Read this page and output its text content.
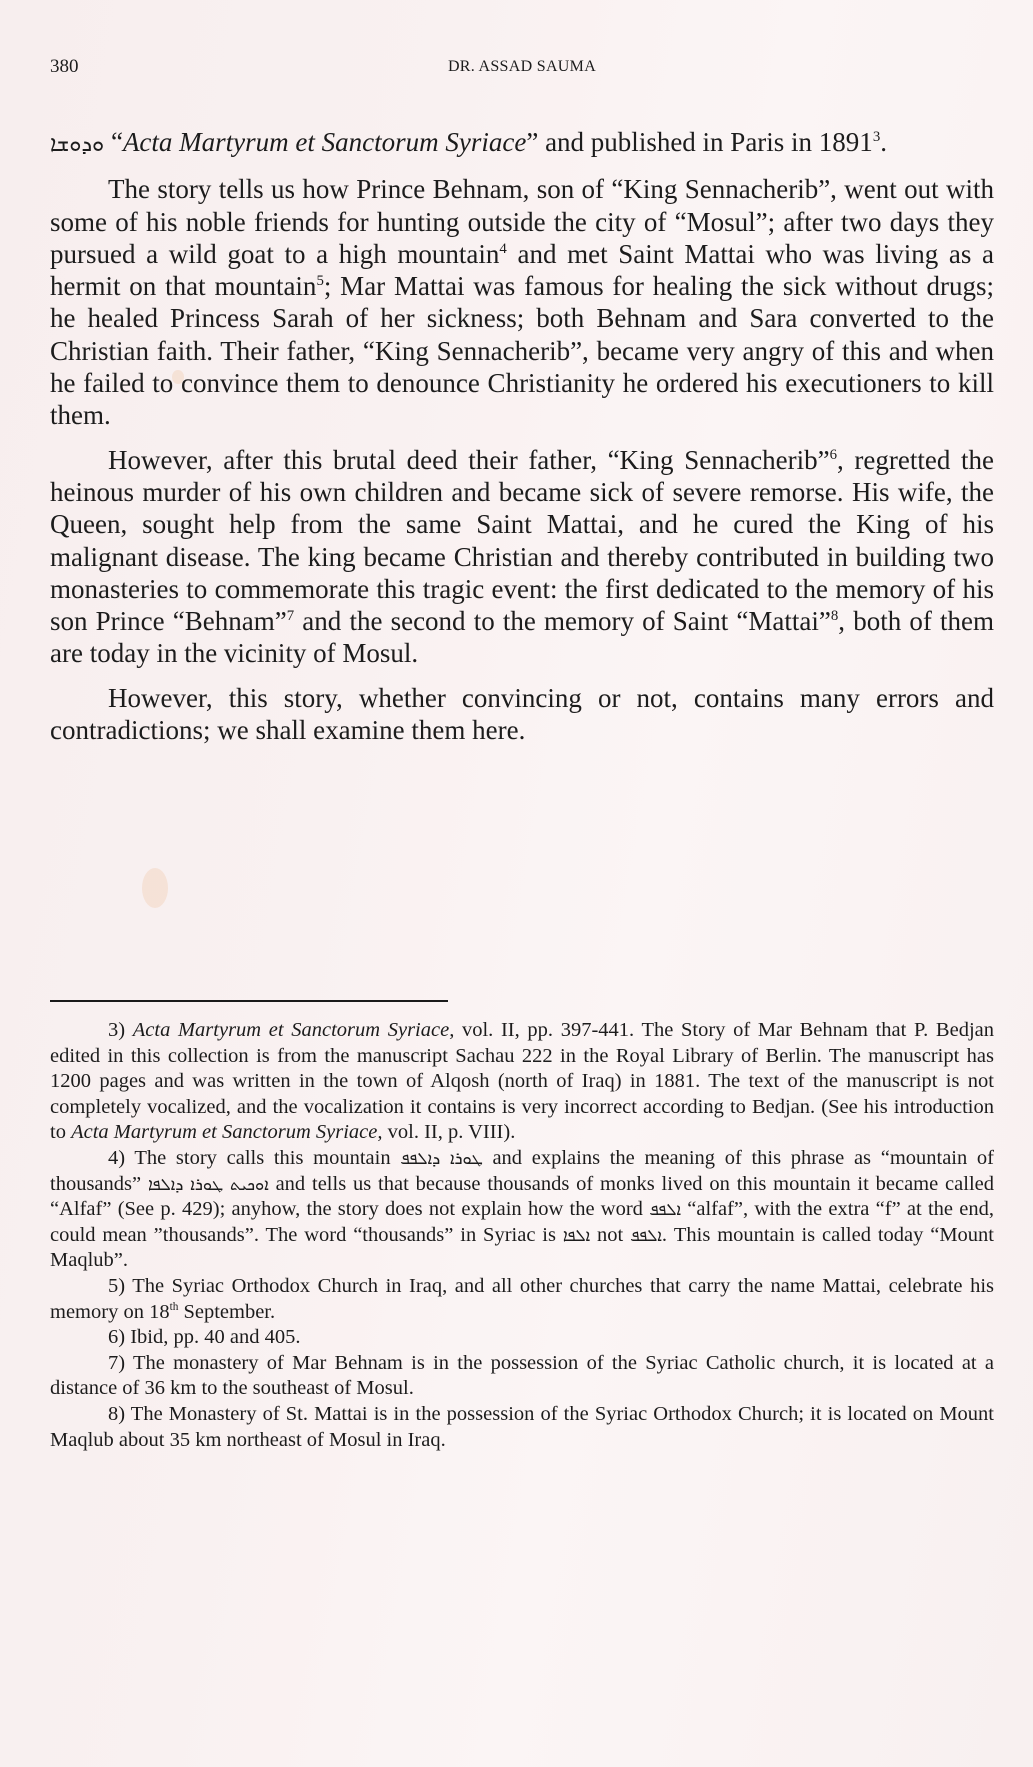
380	DR. ASSAD SAUMA

ܘܕܘܫܐ “Acta Martyrum et Sanctorum Syriace” and published in Paris in 1891$^3$.

The story tells us how Prince Behnam, son of “King Sennacherib”, went out with some of his noble friends for hunting outside the city of “Mosul”; after two days they pursued a wild goat to a high mountain$^4$ and met Saint Mattai who was living as a hermit on that mountain$^5$; Mar Mattai was famous for healing the sick without drugs; he healed Princess Sarah of her sickness; both Behnam and Sara converted to the Christian faith. Their father, “King Sennacherib”, became very angry of this and when he failed to convince them to denounce Christianity he ordered his executioners to kill them.

However, after this brutal deed their father, “King Sennacherib”$^6$, regretted the heinous murder of his own children and became sick of severe remorse. His wife, the Queen, sought help from the same Saint Mattai, and he cured the King of his malignant disease. The king became Christian and thereby contributed in building two monasteries to commemorate this tragic event: the first dedicated to the memory of his son Prince “Behnam”$^7$ and the second to the memory of Saint “Mattai”$^8$, both of them are today in the vicinity of Mosul.

However, this story, whether convincing or not, contains many errors and contradictions; we shall examine them here.

3) Acta Martyrum et Sanctorum Syriace, vol. II, pp. 397-441. The Story of Mar Behnam that P. Bedjan edited in this collection is from the manuscript Sachau 222 in the Royal Library of Berlin. The manuscript has 1200 pages and was written in the town of Alqosh (north of Iraq) in 1881. The text of the manuscript is not completely vocalized, and the vocalization it contains is very incorrect according to Bedjan. (See his introduction to Acta Martyrum et Sanctorum Syriace, vol. II, p. VIII).

4) The story calls this mountain ܛܘܪܐ ܕܐܠܦܦ and explains the meaning of this phrase as “mountain of thousands” ܐܘܟܝܬ ܛܘܪܐ ܕܐܠܦܐ and tells us that because thousands of monks lived on this mountain it became called “Alfaf” (See p. 429); anyhow, the story does not explain how the word ܐܠܦܦ “alfaf”, with the extra “f” at the end, could mean ”thousands”. The word “thousands” in Syriac is ܐܠܦܐ not ܐܠܦܦ. This mountain is called today “Mount Maqlub”.

5) The Syriac Orthodox Church in Iraq, and all other churches that carry the name Mattai, celebrate his memory on 18th September.

6) Ibid, pp. 40 and 405.

7) The monastery of Mar Behnam is in the possession of the Syriac Catholic church, it is located at a distance of 36 km to the southeast of Mosul.

8) The Monastery of St. Mattai is in the possession of the Syriac Orthodox Church; it is located on Mount Maqlub about 35 km northeast of Mosul in Iraq.
